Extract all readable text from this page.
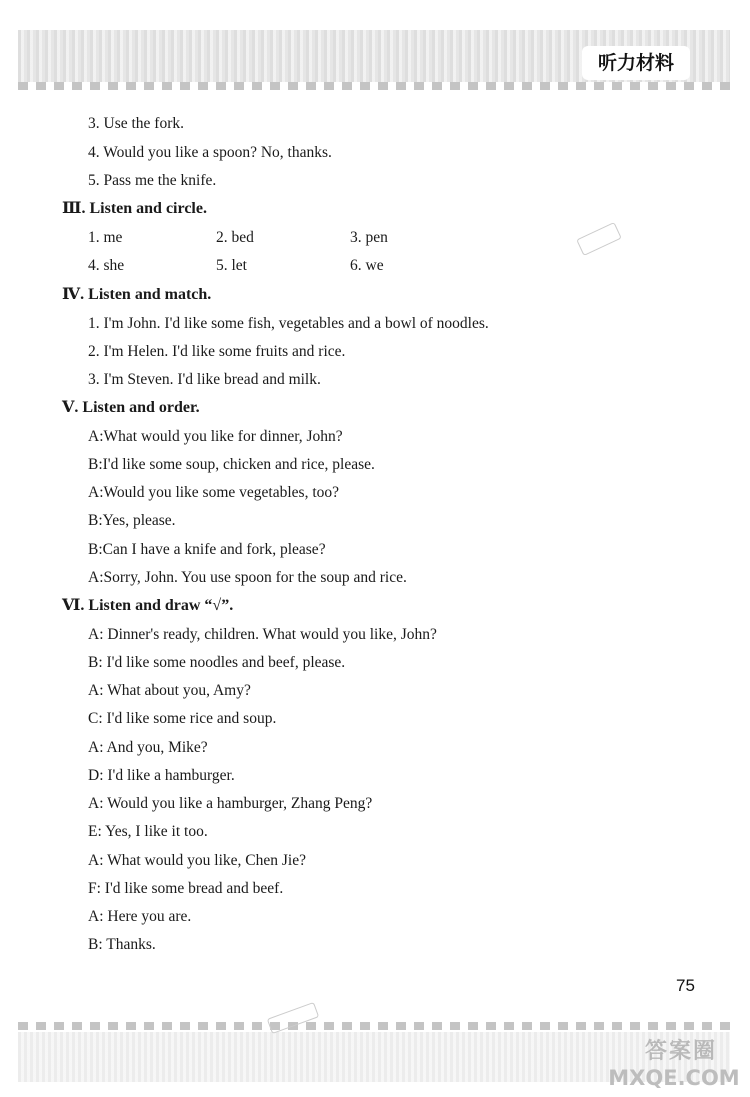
听力材料
3. Use the fork.
4. Would you like a spoon? No, thanks.
5. Pass me the knife.
Ⅲ. Listen and circle.
1. me	2. bed	3. pen
4. she	5. let	6. we
Ⅳ. Listen and match.
1. I'm John. I'd like some fish, vegetables and a bowl of noodles.
2. I'm Helen. I'd like some fruits and rice.
3. I'm Steven. I'd like bread and milk.
Ⅴ. Listen and order.
A:What would you like for dinner, John?
B:I'd like some soup, chicken and rice, please.
A:Would you like some vegetables, too?
B:Yes, please.
B:Can I have a knife and fork, please?
A:Sorry, John. You use spoon for the soup and rice.
Ⅵ. Listen and draw “√”.
A: Dinner's ready, children. What would you like, John?
B: I'd like some noodles and beef, please.
A: What about you, Amy?
C: I'd like some rice and soup.
A: And you, Mike?
D: I'd like a hamburger.
A: Would you like a hamburger, Zhang Peng?
E: Yes, I like it too.
A: What would you like, Chen Jie?
F: I'd like some bread and beef.
A: Here you are.
B: Thanks.
75
答案圈
MXQE.COM
